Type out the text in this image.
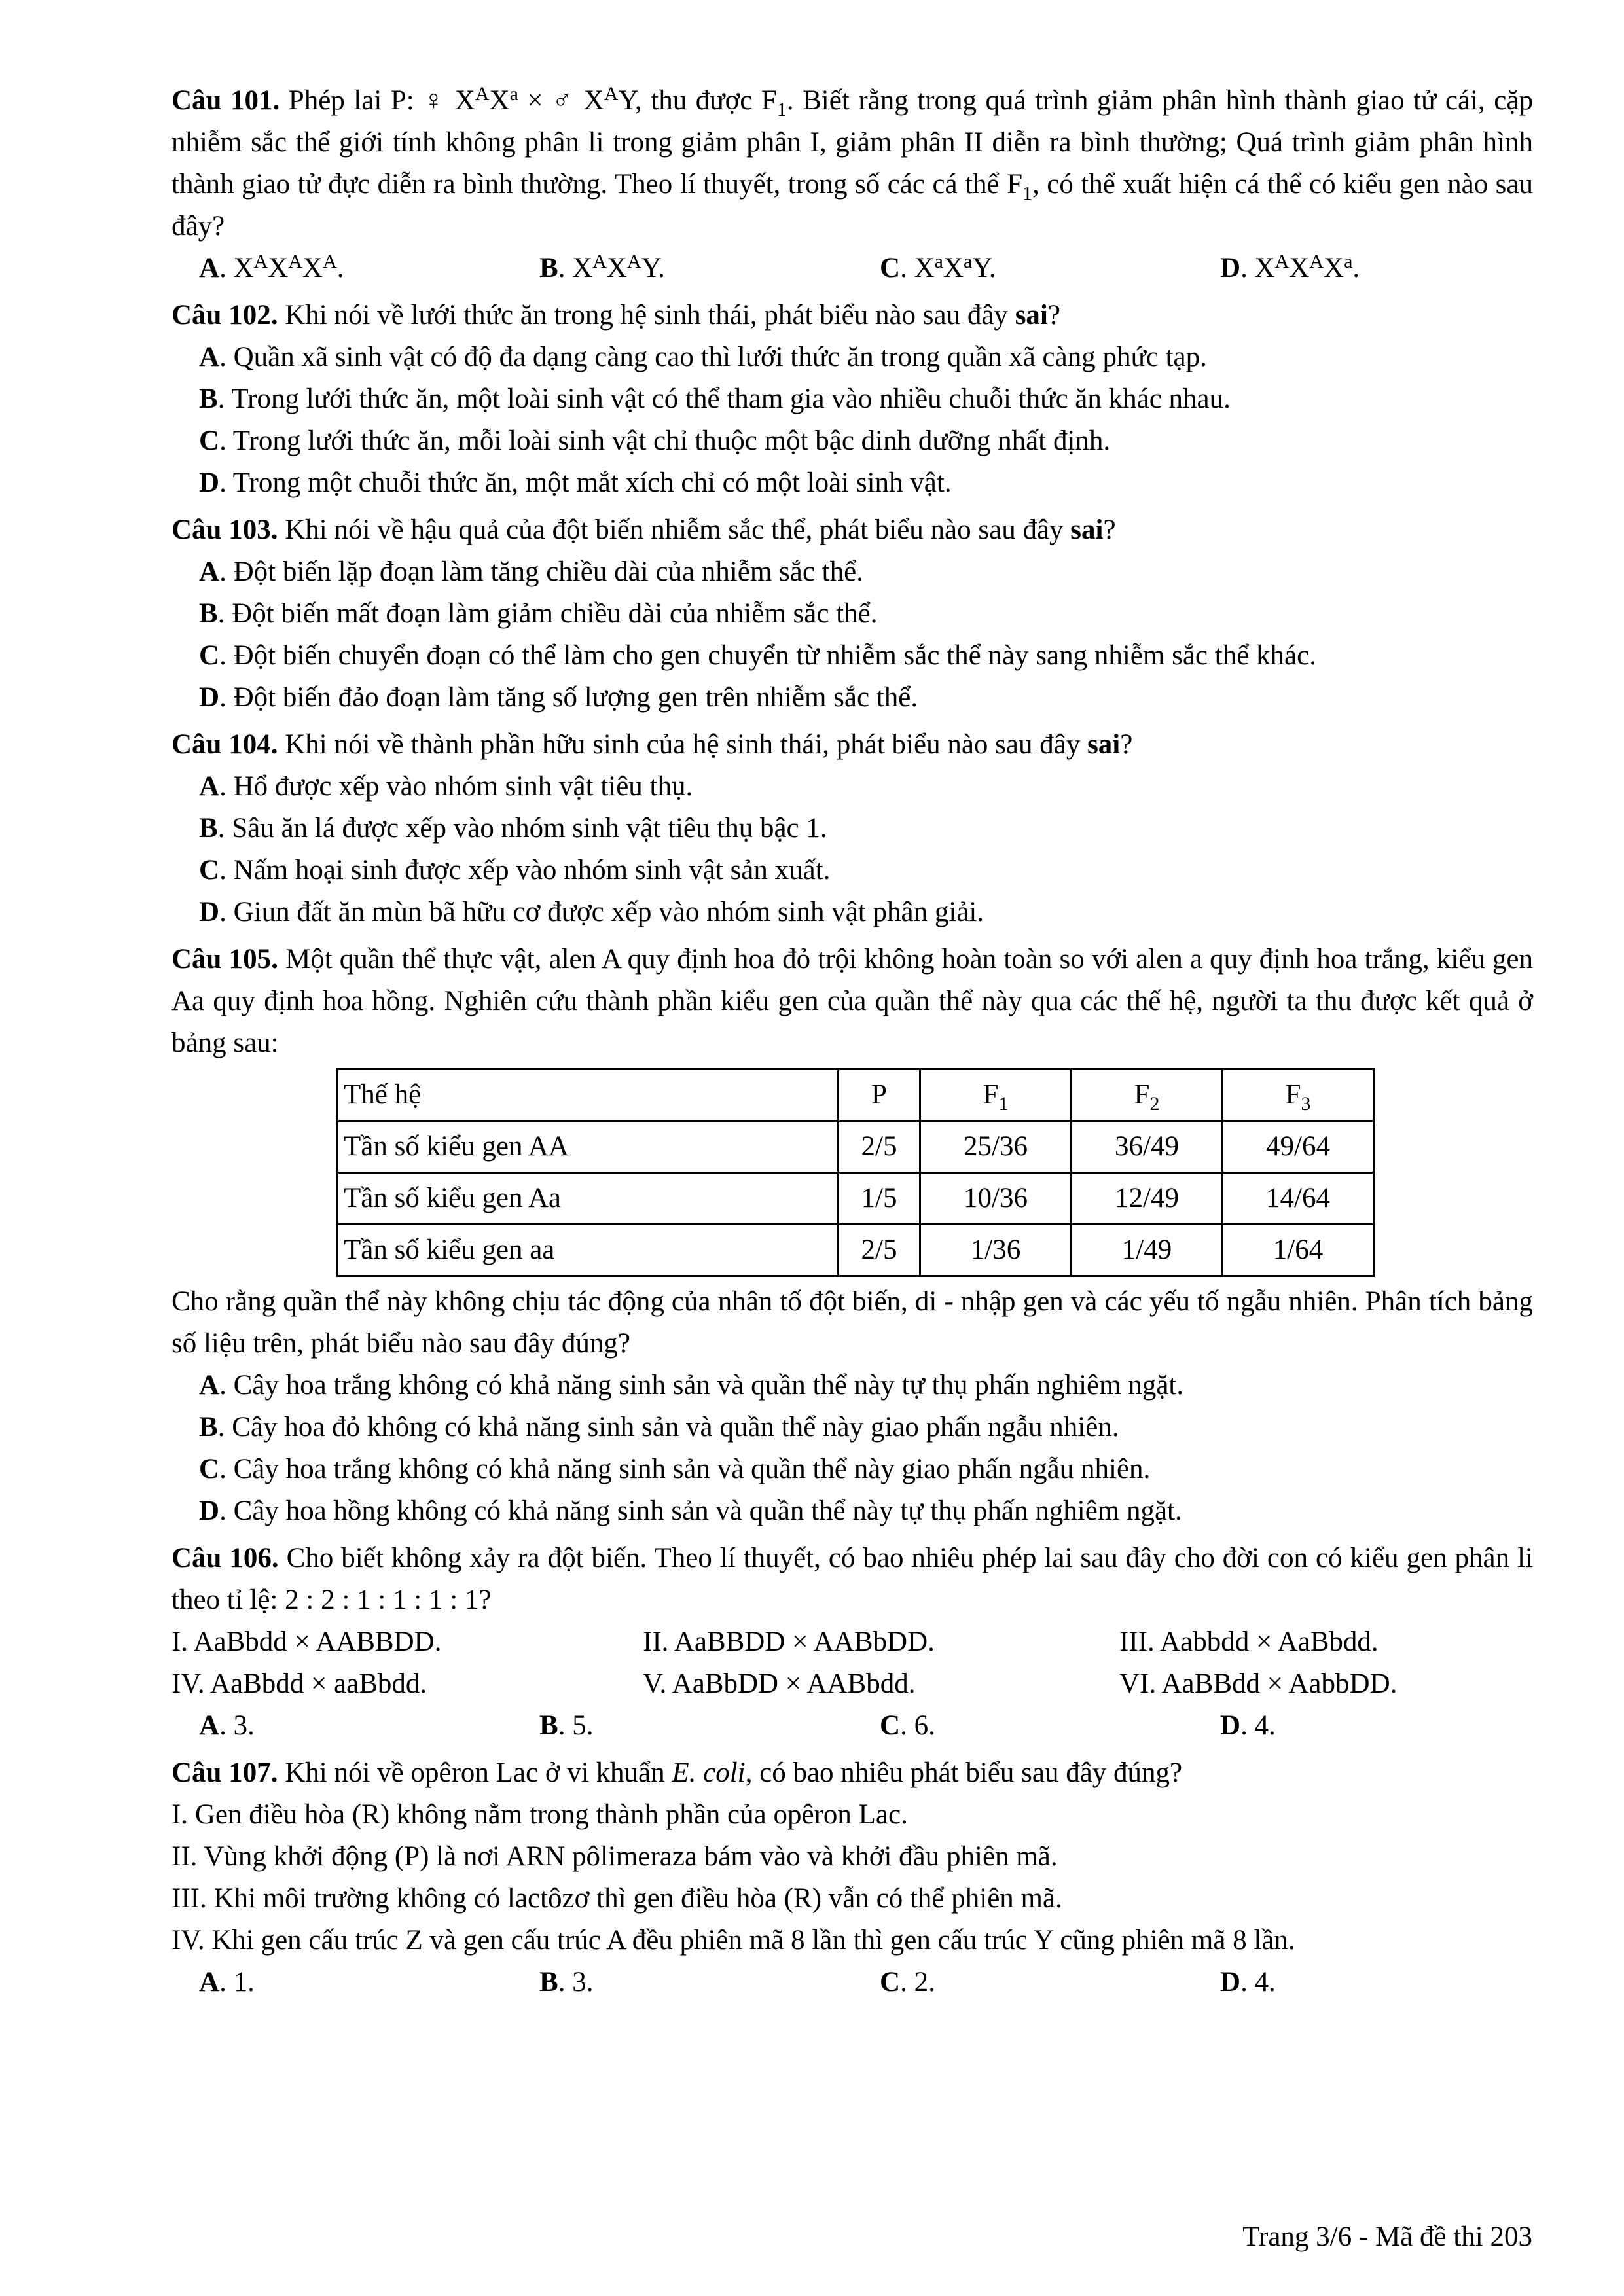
Câu 101. Phép lai P: ♀ $X^AX^a$ × ♂ $X^AY$, thu được $F_1$. Biết rằng trong quá trình giảm phân hình thành giao tử cái, cặp nhiễm sắc thể giới tính không phân li trong giảm phân I, giảm phân II diễn ra bình thường; Quá trình giảm phân hình thành giao tử đực diễn ra bình thường. Theo lí thuyết, trong số các cá thể $F_1$, có thể xuất hiện cá thể có kiểu gen nào sau đây?
A. $X^AX^AX^A$.	B. $X^AX^AY$.	C. $X^aX^aY$.	D. $X^AX^AX^a$.
Câu 102. Khi nói về lưới thức ăn trong hệ sinh thái, phát biểu nào sau đây sai?
A. Quần xã sinh vật có độ đa dạng càng cao thì lưới thức ăn trong quần xã càng phức tạp.
B. Trong lưới thức ăn, một loài sinh vật có thể tham gia vào nhiều chuỗi thức ăn khác nhau.
C. Trong lưới thức ăn, mỗi loài sinh vật chỉ thuộc một bậc dinh dưỡng nhất định.
D. Trong một chuỗi thức ăn, một mắt xích chỉ có một loài sinh vật.
Câu 103. Khi nói về hậu quả của đột biến nhiễm sắc thể, phát biểu nào sau đây sai?
A. Đột biến lặp đoạn làm tăng chiều dài của nhiễm sắc thể.
B. Đột biến mất đoạn làm giảm chiều dài của nhiễm sắc thể.
C. Đột biến chuyển đoạn có thể làm cho gen chuyển từ nhiễm sắc thể này sang nhiễm sắc thể khác.
D. Đột biến đảo đoạn làm tăng số lượng gen trên nhiễm sắc thể.
Câu 104. Khi nói về thành phần hữu sinh của hệ sinh thái, phát biểu nào sau đây sai?
A. Hổ được xếp vào nhóm sinh vật tiêu thụ.
B. Sâu ăn lá được xếp vào nhóm sinh vật tiêu thụ bậc 1.
C. Nấm hoại sinh được xếp vào nhóm sinh vật sản xuất.
D. Giun đất ăn mùn bã hữu cơ được xếp vào nhóm sinh vật phân giải.
Câu 105. Một quần thể thực vật, alen A quy định hoa đỏ trội không hoàn toàn so với alen a quy định hoa trắng, kiểu gen Aa quy định hoa hồng. Nghiên cứu thành phần kiểu gen của quần thể này qua các thế hệ, người ta thu được kết quả ở bảng sau:
Thế hệ	P	$F_1$	$F_2$	$F_3$
Tần số kiểu gen AA	2/5	25/36	36/49	49/64
Tần số kiểu gen Aa	1/5	10/36	12/49	14/64
Tần số kiểu gen aa	2/5	1/36	1/49	1/64
Cho rằng quần thể này không chịu tác động của nhân tố đột biến, di - nhập gen và các yếu tố ngẫu nhiên. Phân tích bảng số liệu trên, phát biểu nào sau đây đúng?
A. Cây hoa trắng không có khả năng sinh sản và quần thể này tự thụ phấn nghiêm ngặt.
B. Cây hoa đỏ không có khả năng sinh sản và quần thể này giao phấn ngẫu nhiên.
C. Cây hoa trắng không có khả năng sinh sản và quần thể này giao phấn ngẫu nhiên.
D. Cây hoa hồng không có khả năng sinh sản và quần thể này tự thụ phấn nghiêm ngặt.
Câu 106. Cho biết không xảy ra đột biến. Theo lí thuyết, có bao nhiêu phép lai sau đây cho đời con có kiểu gen phân li theo tỉ lệ: 2 : 2 : 1 : 1 : 1 : 1?
I. AaBbdd × AABBDD.	II. AaBBDD × AABbDD.	III. Aabbdd × AaBbdd.
IV. AaBbdd × aaBbdd.	V. AaBbDD × AABbdd.	VI. AaBBdd × AabbDD.
A. 3.	B. 5.	C. 6.	D. 4.
Câu 107. Khi nói về opêron Lac ở vi khuẩn E. coli, có bao nhiêu phát biểu sau đây đúng?
I. Gen điều hòa (R) không nằm trong thành phần của opêron Lac.
II. Vùng khởi động (P) là nơi ARN pôlimeraza bám vào và khởi đầu phiên mã.
III. Khi môi trường không có lactôzơ thì gen điều hòa (R) vẫn có thể phiên mã.
IV. Khi gen cấu trúc Z và gen cấu trúc A đều phiên mã 8 lần thì gen cấu trúc Y cũng phiên mã 8 lần.
A. 1.	B. 3.	C. 2.	D. 4.
Trang 3/6 - Mã đề thi 203
